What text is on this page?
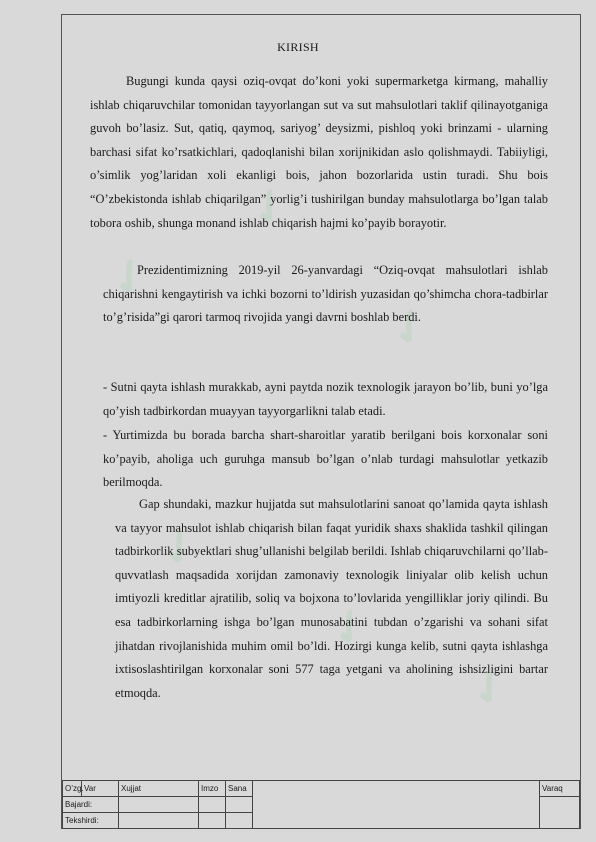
✓
✓
✓
✓
✓
✓
KIRISH
Bugungi kunda qaysi oziq-ovqat do’koni yoki supermarketga kirmang, mahalliy ishlab chiqaruvchilar tomonidan tayyorlangan sut va sut mahsulotlari taklif qilinayotganiga guvoh bo’lasiz. Sut, qatiq, qaymoq, sariyog’ deysizmi, pishloq yoki brinzami - ularning barchasi sifat ko’rsatkichlari, qadoqlanishi bilan xorijnikidan aslo qolishmaydi. Tabiiyligi, o’simlik yog’laridan xoli ekanligi bois, jahon bozorlarida ustin turadi. Shu bois “O’zbekistonda ishlab chiqarilgan” yorlig’i tushirilgan bunday mahsulotlarga bo’lgan talab tobora oshib, shunga monand ishlab chiqarish hajmi ko’payib borayotir.
Prezidentimizning 2019-yil 26-yanvardagi “Oziq-ovqat mahsulotlari ishlab chiqarishni kengaytirish va ichki bozorni to’ldirish yuzasidan qo’shimcha chora-tadbirlar to’g’risida”gi qarori tarmoq rivojida yangi davrni boshlab berdi.
- Sutni qayta ishlash murakkab, ayni paytda nozik texnologik jarayon bo’lib, buni yo’lga qo’yish tadbirkordan muayyan tayyorgarlikni talab etadi.
- Yurtimizda bu borada barcha shart-sharoitlar yaratib berilgani bois korxonalar soni ko’payib, aholiga uch guruhga mansub bo’lgan o’nlab turdagi mahsulotlar yetkazib berilmoqda.
Gap shundaki, mazkur hujjatda sut mahsulotlarini sanoat qo’lamida qayta ishlash va tayyor mahsulot ishlab chiqarish bilan faqat yuridik shaxs shaklida tashkil qilingan tadbirkorlik subyektlari shug’ullanishi belgilab berildi. Ishlab chiqaruvchilarni qo’llab-quvvatlash maqsadida xorijdan zamonaviy texnologik liniyalar olib kelish uchun imtiyozli kreditlar ajratilib, soliq va bojxona to’lovlarida yengilliklar joriy qilindi. Bu esa tadbirkorlarning ishga bo’lgan munosabatini tubdan o’zgarishi va sohani sifat jihatdan rivojlanishida muhim omil bo’ldi. Hozirgi kunga kelib, sutni qayta ishlashga ixtisoslashtirilgan korxonalar soni 577 taga yetgani va aholining ishsizligini bartar etmoqda.
O’zg.	Var	Xujjat	Imzo	Sana		Varaq
Bajardi:						
Tekshirdi:						
